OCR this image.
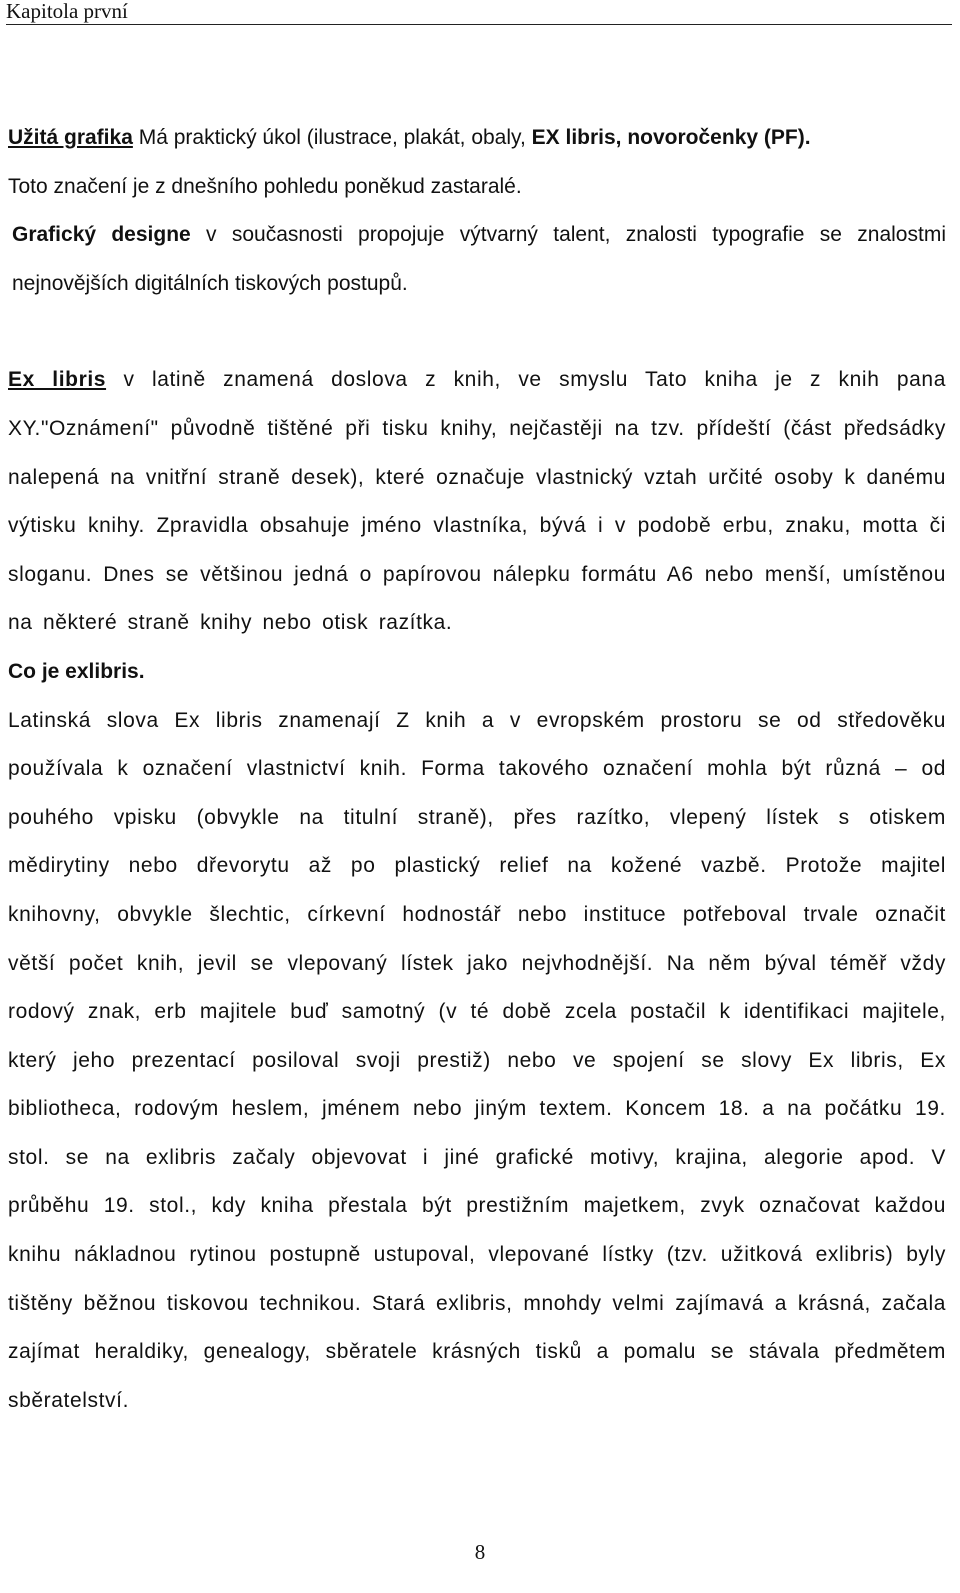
Kapitola první

Užitá grafika Má praktický úkol (ilustrace, plakát, obaly, EX libris, novoročenky (PF).

Toto značení je z dnešního pohledu poněkud zastaralé.

Grafický designe v současnosti propojuje výtvarný talent, znalosti typografie se znalostmi nejnovějších digitálních tiskových postupů.

Ex libris v latině znamená doslova z knih, ve smyslu Tato kniha je z knih pana XY."Oznámení" původně tištěné při tisku knihy, nejčastěji na tzv. přídeští (část předsádky nalepená na vnitřní straně desek), které označuje vlastnický vztah určité osoby k danému výtisku knihy. Zpravidla obsahuje jméno vlastníka, bývá i v podobě erbu, znaku, motta či sloganu. Dnes se většinou jedná o papírovou nálepku formátu A6 nebo menší, umístěnou na některé straně knihy nebo otisk razítka.

Co je exlibris.

Latinská slova Ex libris znamenají Z knih a v evropském prostoru se od středověku používala k označení vlastnictví knih. Forma takového označení mohla být různá – od pouhého vpisku (obvykle na titulní straně), přes razítko, vlepený lístek s otiskem mědirytiny nebo dřevorytu až po plastický relief na kožené vazbě. Protože majitel knihovny, obvykle šlechtic, církevní hodnostář nebo instituce potřeboval trvale označit větší počet knih, jevil se vlepovaný lístek jako nejvhodnější. Na něm býval téměř vždy rodový znak, erb majitele buď samotný (v té době zcela postačil k identifikaci majitele, který jeho prezentací posiloval svoji prestiž) nebo ve spojení se slovy Ex libris, Ex bibliotheca, rodovým heslem, jménem nebo jiným textem. Koncem 18. a na počátku 19. stol. se na exlibris začaly objevovat i jiné grafické motivy, krajina, alegorie apod. V průběhu 19. stol., kdy kniha přestala být prestižním majetkem, zvyk označovat každou knihu nákladnou rytinou postupně ustupoval, vlepované lístky (tzv. užitková exlibris) byly tištěny běžnou tiskovou technikou. Stará exlibris, mnohdy velmi zajímavá a krásná, začala zajímat heraldiky, genealogy, sběratele krásných tisků a pomalu se stávala předmětem sběratelství.

8
